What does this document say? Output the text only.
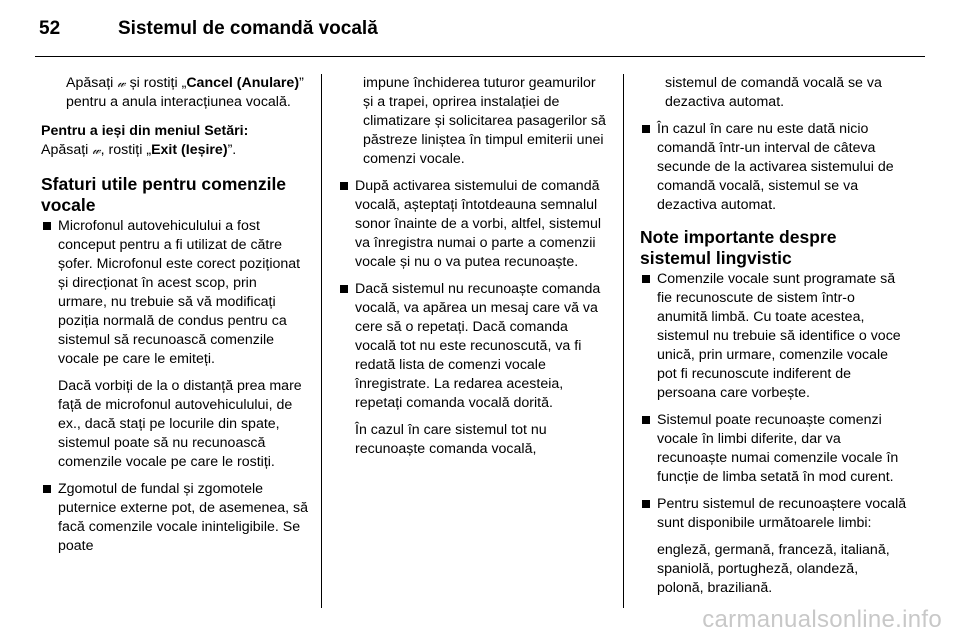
52	Sistemul de comandă vocală

Apăsați 𝓌 și rostiți „Cancel (Anulare)” pentru a anula interacțiunea vocală.

Pentru a ieși din meniul Setări:

Apăsați 𝓌, rostiți „Exit (Ieșire)”.

Sfaturi utile pentru comenzile vocale

Microfonul autovehiculului a fost conceput pentru a fi utilizat de către șofer. Microfonul este corect poziționat și direcționat în acest scop, prin urmare, nu trebuie să vă modificați poziția normală de condus pentru ca sistemul să recunoască comenzile vocale pe care le emiteți.

Dacă vorbiți de la o distanță prea mare față de microfonul autovehiculului, de ex., dacă stați pe locurile din spate, sistemul poate să nu recunoască comenzile vocale pe care le rostiți.

Zgomotul de fundal și zgomotele puternice externe pot, de asemenea, să facă comenzile vocale ininteligibile. Se poate

impune închiderea tuturor geamurilor și a trapei, oprirea instalației de climatizare și solicitarea pasagerilor să păstreze liniștea în timpul emiterii unei comenzi vocale.

După activarea sistemului de comandă vocală, așteptați întotdeauna semnalul sonor înainte de a vorbi, altfel, sistemul va înregistra numai o parte a comenzii vocale și nu o va putea recunoaște.

Dacă sistemul nu recunoaște comanda vocală, va apărea un mesaj care vă va cere să o repetați. Dacă comanda vocală tot nu este recunoscută, va fi redată lista de comenzi vocale înregistrate. La redarea acesteia, repetați comanda vocală dorită.

În cazul în care sistemul tot nu recunoaște comanda vocală,

sistemul de comandă vocală se va dezactiva automat.

În cazul în care nu este dată nicio comandă într-un interval de câteva secunde de la activarea sistemului de comandă vocală, sistemul se va dezactiva automat.

Note importante despre sistemul lingvistic

Comenzile vocale sunt programate să fie recunoscute de sistem într-o anumită limbă. Cu toate acestea, sistemul nu trebuie să identifice o voce unică, prin urmare, comenzile vocale pot fi recunoscute indiferent de persoana care vorbește.

Sistemul poate recunoaște comenzi vocale în limbi diferite, dar va recunoaște numai comenzile vocale în funcție de limba setată în mod curent.

Pentru sistemul de recunoaștere vocală sunt disponibile următoarele limbi:

engleză, germană, franceză, italiană, spaniolă, portugheză, olandeză, polonă, braziliană.

carmanualsonline.info
